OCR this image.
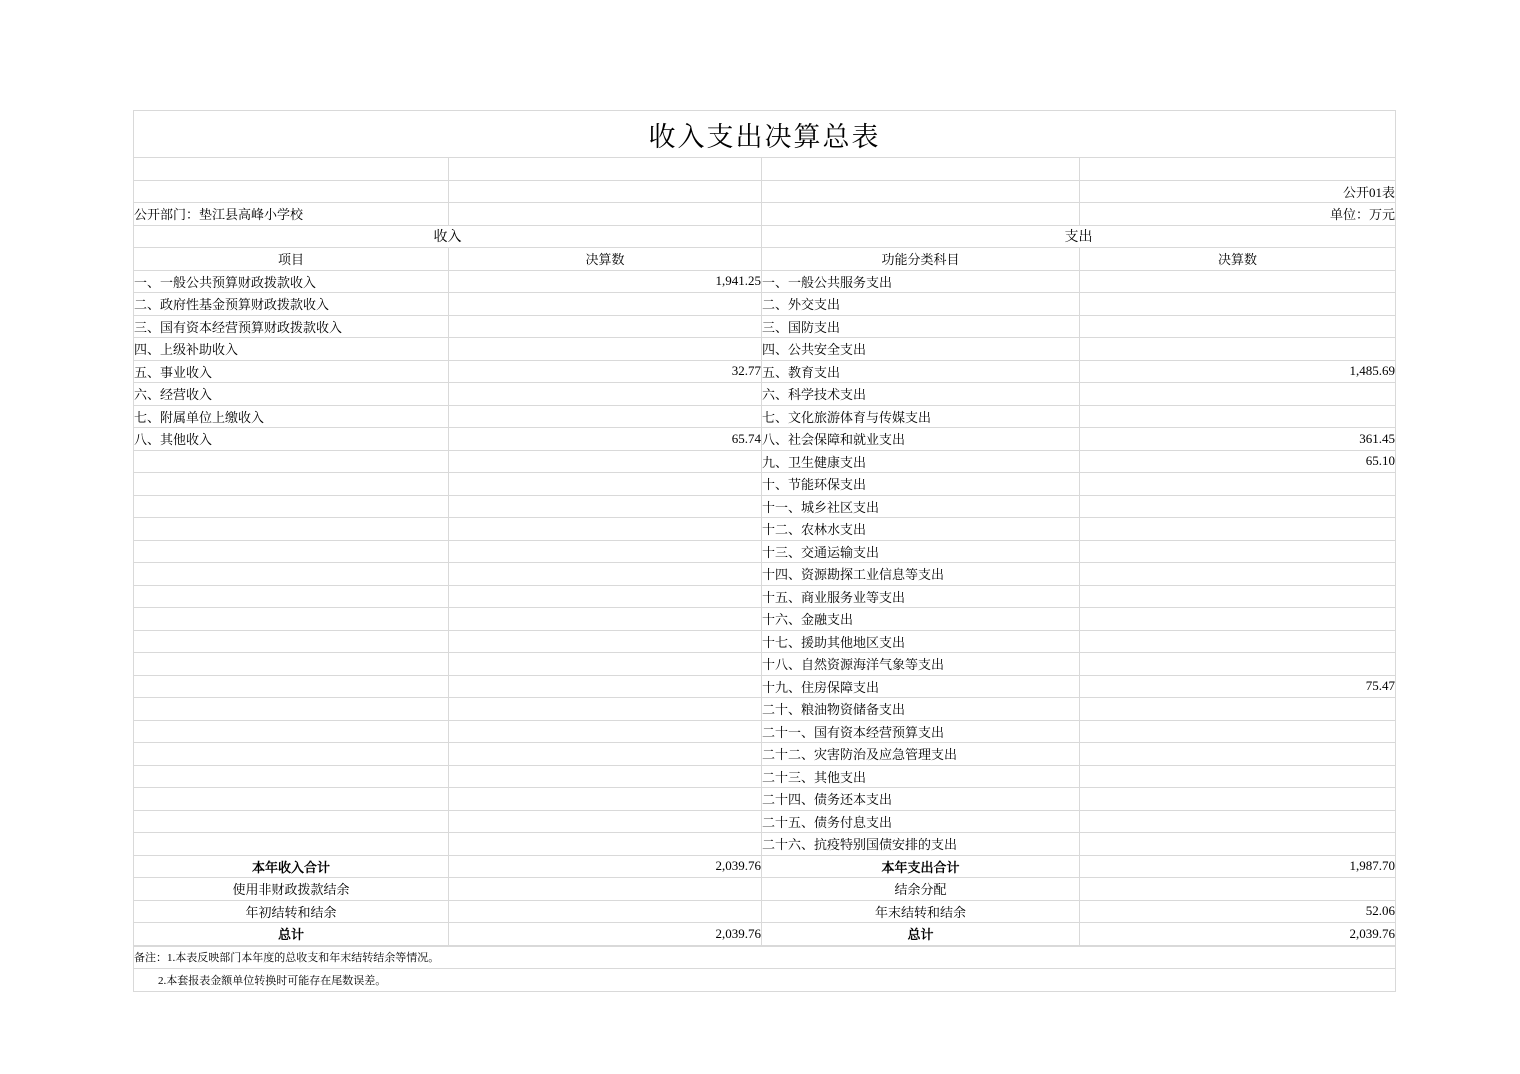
收入支出决算总表			

			公开01表
公开部门：垫江县高峰小学校			单位：万元
收入		支出	
项目	决算数	功能分类科目	决算数
一、一般公共预算财政拨款收入	1,941.25	一、一般公共服务支出	
二、政府性基金预算财政拨款收入		二、外交支出	
三、国有资本经营预算财政拨款收入		三、国防支出	
四、上级补助收入		四、公共安全支出	
五、事业收入	32.77	五、教育支出	1,485.69
六、经营收入		六、科学技术支出	
七、附属单位上缴收入		七、文化旅游体育与传媒支出	
八、其他收入	65.74	八、社会保障和就业支出	361.45
		九、卫生健康支出	65.10
		十、节能环保支出	
		十一、城乡社区支出	
		十二、农林水支出	
		十三、交通运输支出	
		十四、资源勘探工业信息等支出	
		十五、商业服务业等支出	
		十六、金融支出	
		十七、援助其他地区支出	
		十八、自然资源海洋气象等支出	
		十九、住房保障支出	75.47
		二十、粮油物资储备支出	
		二十一、国有资本经营预算支出	
		二十二、灾害防治及应急管理支出	
		二十三、其他支出	
		二十四、债务还本支出	
		二十五、债务付息支出	
		二十六、抗疫特别国债安排的支出	
本年收入合计	2,039.76	本年支出合计	1,987.70
使用非财政拨款结余		结余分配	
年初结转和结余		年末结转和结余	52.06
总计	2,039.76	总计	2,039.76
备注：1.本表反映部门本年度的总收支和年末结转结余等情况。
2.本套报表金额单位转换时可能存在尾数误差。
